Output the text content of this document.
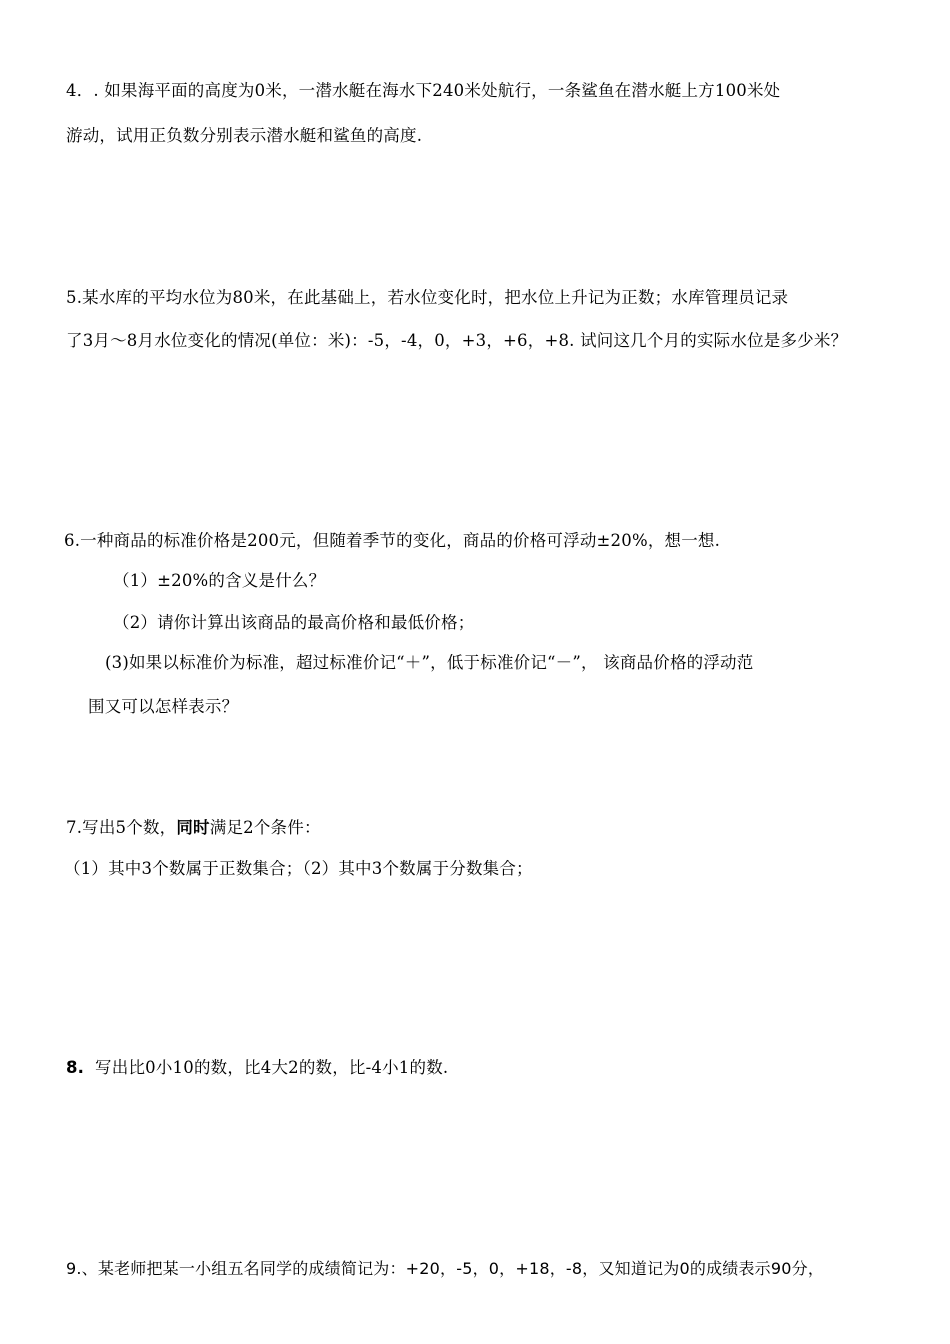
4．. 如果海平面的高度为0米，一潜水艇在海水下240米处航行，一条鲨鱼在潜水艇上方100米处
游动，试用正负数分别表示潜水艇和鲨鱼的高度.
5.某水库的平均水位为80米，在此基础上，若水位变化时，把水位上升记为正数；水库管理员记录
了3月～8月水位变化的情况(单位：米)：-5，-4，0，+3，+6，+8. 试问这几个月的实际水位是多少米？
6.一种商品的标准价格是200元，但随着季节的变化，商品的价格可浮动±20%，想一想.
（1）±20%的含义是什么？
（2）请你计算出该商品的最高价格和最低价格；
(3)如果以标准价为标准，超过标准价记“＋”，低于标准价记“－”， 该商品价格的浮动范
围又可以怎样表示？
7.写出5个数，同时满足2个条件：
（1）其中3个数属于正数集合；（2）其中3个数属于分数集合；
8. 写出比0小10的数，比4大2的数，比-4小1的数.
9.、某老师把某一小组五名同学的成绩简记为：+20，-5，0，+18，-8，又知道记为0的成绩表示90分，
